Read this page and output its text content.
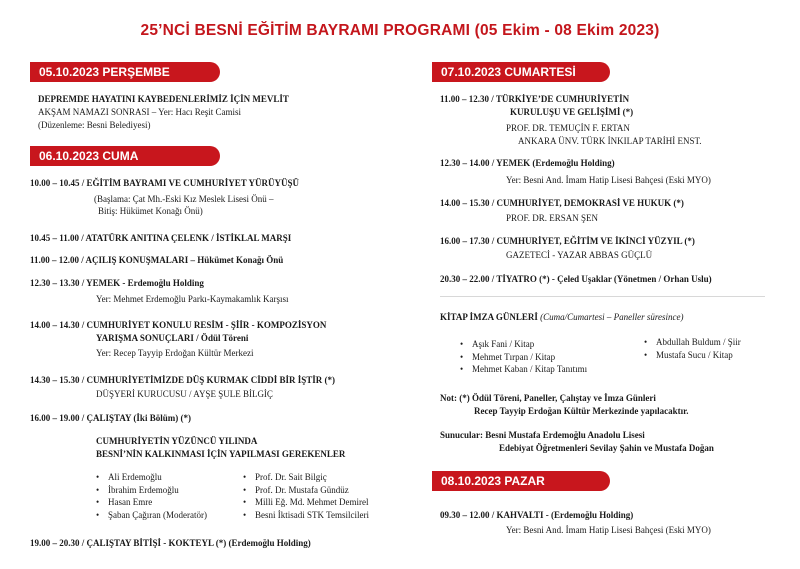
25’NCİ BESNİ EĞİTİM BAYRAMI PROGRAMI (05 Ekim - 08 Ekim 2023)
05.10.2023 PERŞEMBE
DEPREMDE HAYATINI KAYBEDENLERİMİZ İÇİN MEVLİT
AKŞAM NAMAZI SONRASI – Yer: Hacı Reşit Camisi
(Düzenleme: Besni Belediyesi)
06.10.2023 CUMA
10.00 – 10.45 / EĞİTİM BAYRAMI VE CUMHURİYET YÜRÜYÜŞÜ
(Başlama: Çat Mh.-Eski Kız Meslek Lisesi Önü –
Bitiş: Hükümet Konağı Önü)
10.45 – 11.00 / ATATÜRK ANITINA ÇELENK / İSTİKLAL MARŞI
11.00 – 12.00 / AÇILIŞ KONUŞMALARI – Hükümet Konağı Önü
12.30 – 13.30 / YEMEK - Erdemoğlu Holding
Yer: Mehmet Erdemoğlu Parkı-Kaymakamlık Karşısı
14.00 – 14.30 / CUMHURİYET KONULU RESİM - ŞİİR - KOMPOZİSYON
YARIŞMA SONUÇLARI / Ödül Töreni
Yer: Recep Tayyip Erdoğan Kültür Merkezi
14.30 – 15.30 / CUMHURİYETİMİZDE DÜŞ KURMAK CİDDİ BİR İŞTİR (*)
DÜŞYERİ KURUCUSU / AYŞE ŞULE BİLGİÇ
16.00 – 19.00 / ÇALIŞTAY (İki Bölüm) (*)
CUMHURİYETİN YÜZÜNCÜ YILINDA
BESNİ’NİN KALKINMASI İÇİN YAPILMASI GEREKENLER
• Ali Erdemoğlu
• İbrahim Erdemoğlu
• Hasan Emre
• Şaban Çağıran (Moderatör)
• Prof. Dr. Sait Bilgiç
• Prof. Dr. Mustafa Gündüz
• Milli Eğ. Md. Mehmet Demirel
• Besni İktisadi STK Temsilcileri
19.00 – 20.30 / ÇALIŞTAY BİTİŞİ - KOKTEYL (*) (Erdemoğlu Holding)
07.10.2023 CUMARTESİ
11.00 – 12.30 / TÜRKİYE’DE CUMHURİYETİN
KURULUŞU VE GELİŞİMİ (*)
PROF. DR. TEMUÇİN F. ERTAN
ANKARA ÜNV. TÜRK İNKILAP TARİHİ ENST.
12.30 – 14.00 / YEMEK (Erdemoğlu Holding)
Yer: Besni And. İmam Hatip Lisesi Bahçesi (Eski MYO)
14.00 – 15.30 / CUMHURİYET, DEMOKRASİ VE HUKUK (*)
PROF. DR. ERSAN ŞEN
16.00 – 17.30 / CUMHURİYET, EĞİTİM VE İKİNCİ YÜZYIL (*)
GAZETECİ - YAZAR ABBAS GÜÇLÜ
20.30 – 22.00 / TİYATRO (*) - Çeled Uşaklar (Yönetmen / Orhan Uslu)
KİTAP İMZA GÜNLERİ (Cuma/Cumartesi – Paneller süresince)
• Aşık Fani / Kitap
• Mehmet Tırpan / Kitap
• Mehmet Kaban / Kitap Tanıtımı
• Abdullah Buldum / Şiir
• Mustafa Sucu / Kitap
Not: (*) Ödül Töreni, Paneller, Çalıştay ve İmza Günleri
Recep Tayyip Erdoğan Kültür Merkezinde yapılacaktır.
Sunucular: Besni Mustafa Erdemoğlu Anadolu Lisesi
Edebiyat Öğretmenleri Sevilay Şahin ve Mustafa Doğan
08.10.2023 PAZAR
09.30 – 12.00 / KAHVALTI - (Erdemoğlu Holding)
Yer: Besni And. İmam Hatip Lisesi Bahçesi (Eski MYO)
